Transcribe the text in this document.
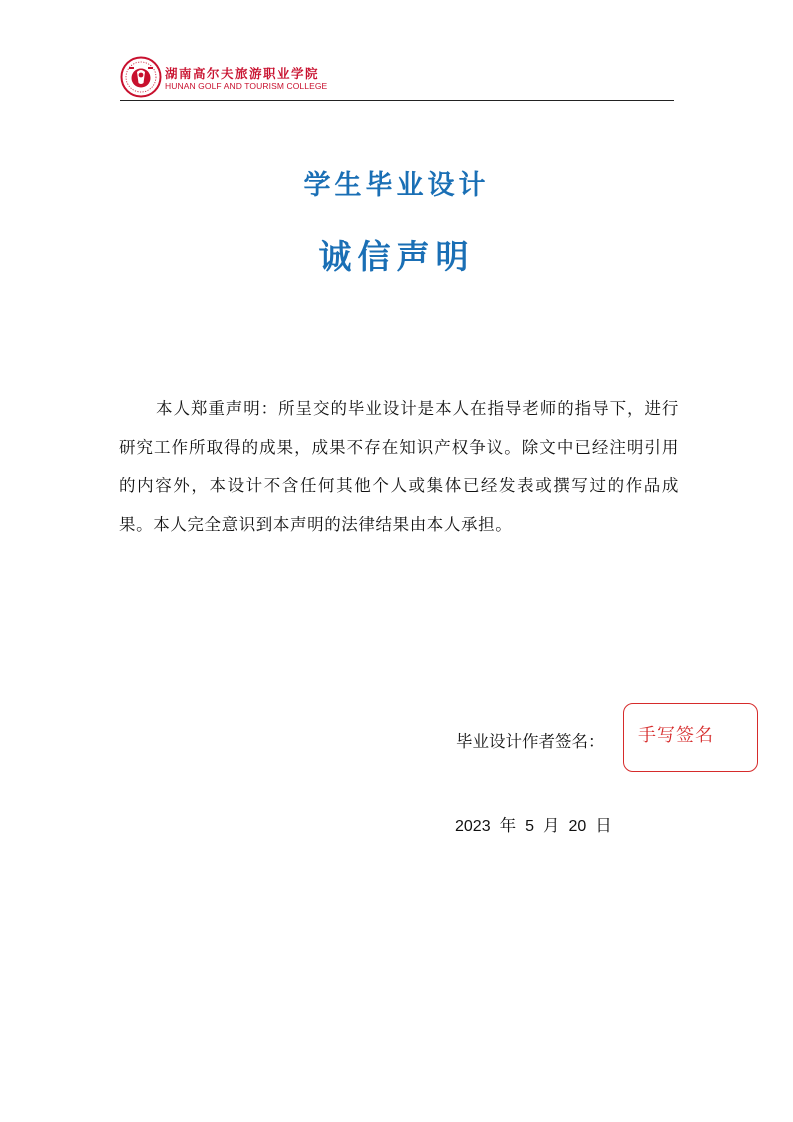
湖南高尔夫旅游职业学院
HUNAN GOLF AND TOURISM COLLEGE
学生毕业设计
诚信声明

本人郑重声明：所呈交的毕业设计是本人在指导老师的指导下，进行研究工作所取得的成果，成果不存在知识产权争议。除文中已经注明引用的内容外，本设计不含任何其他个人或集体已经发表或撰写过的作品成果。本人完全意识到本声明的法律结果由本人承担。

毕业设计作者签名： 手写签名
2023 年 5 月 20 日
